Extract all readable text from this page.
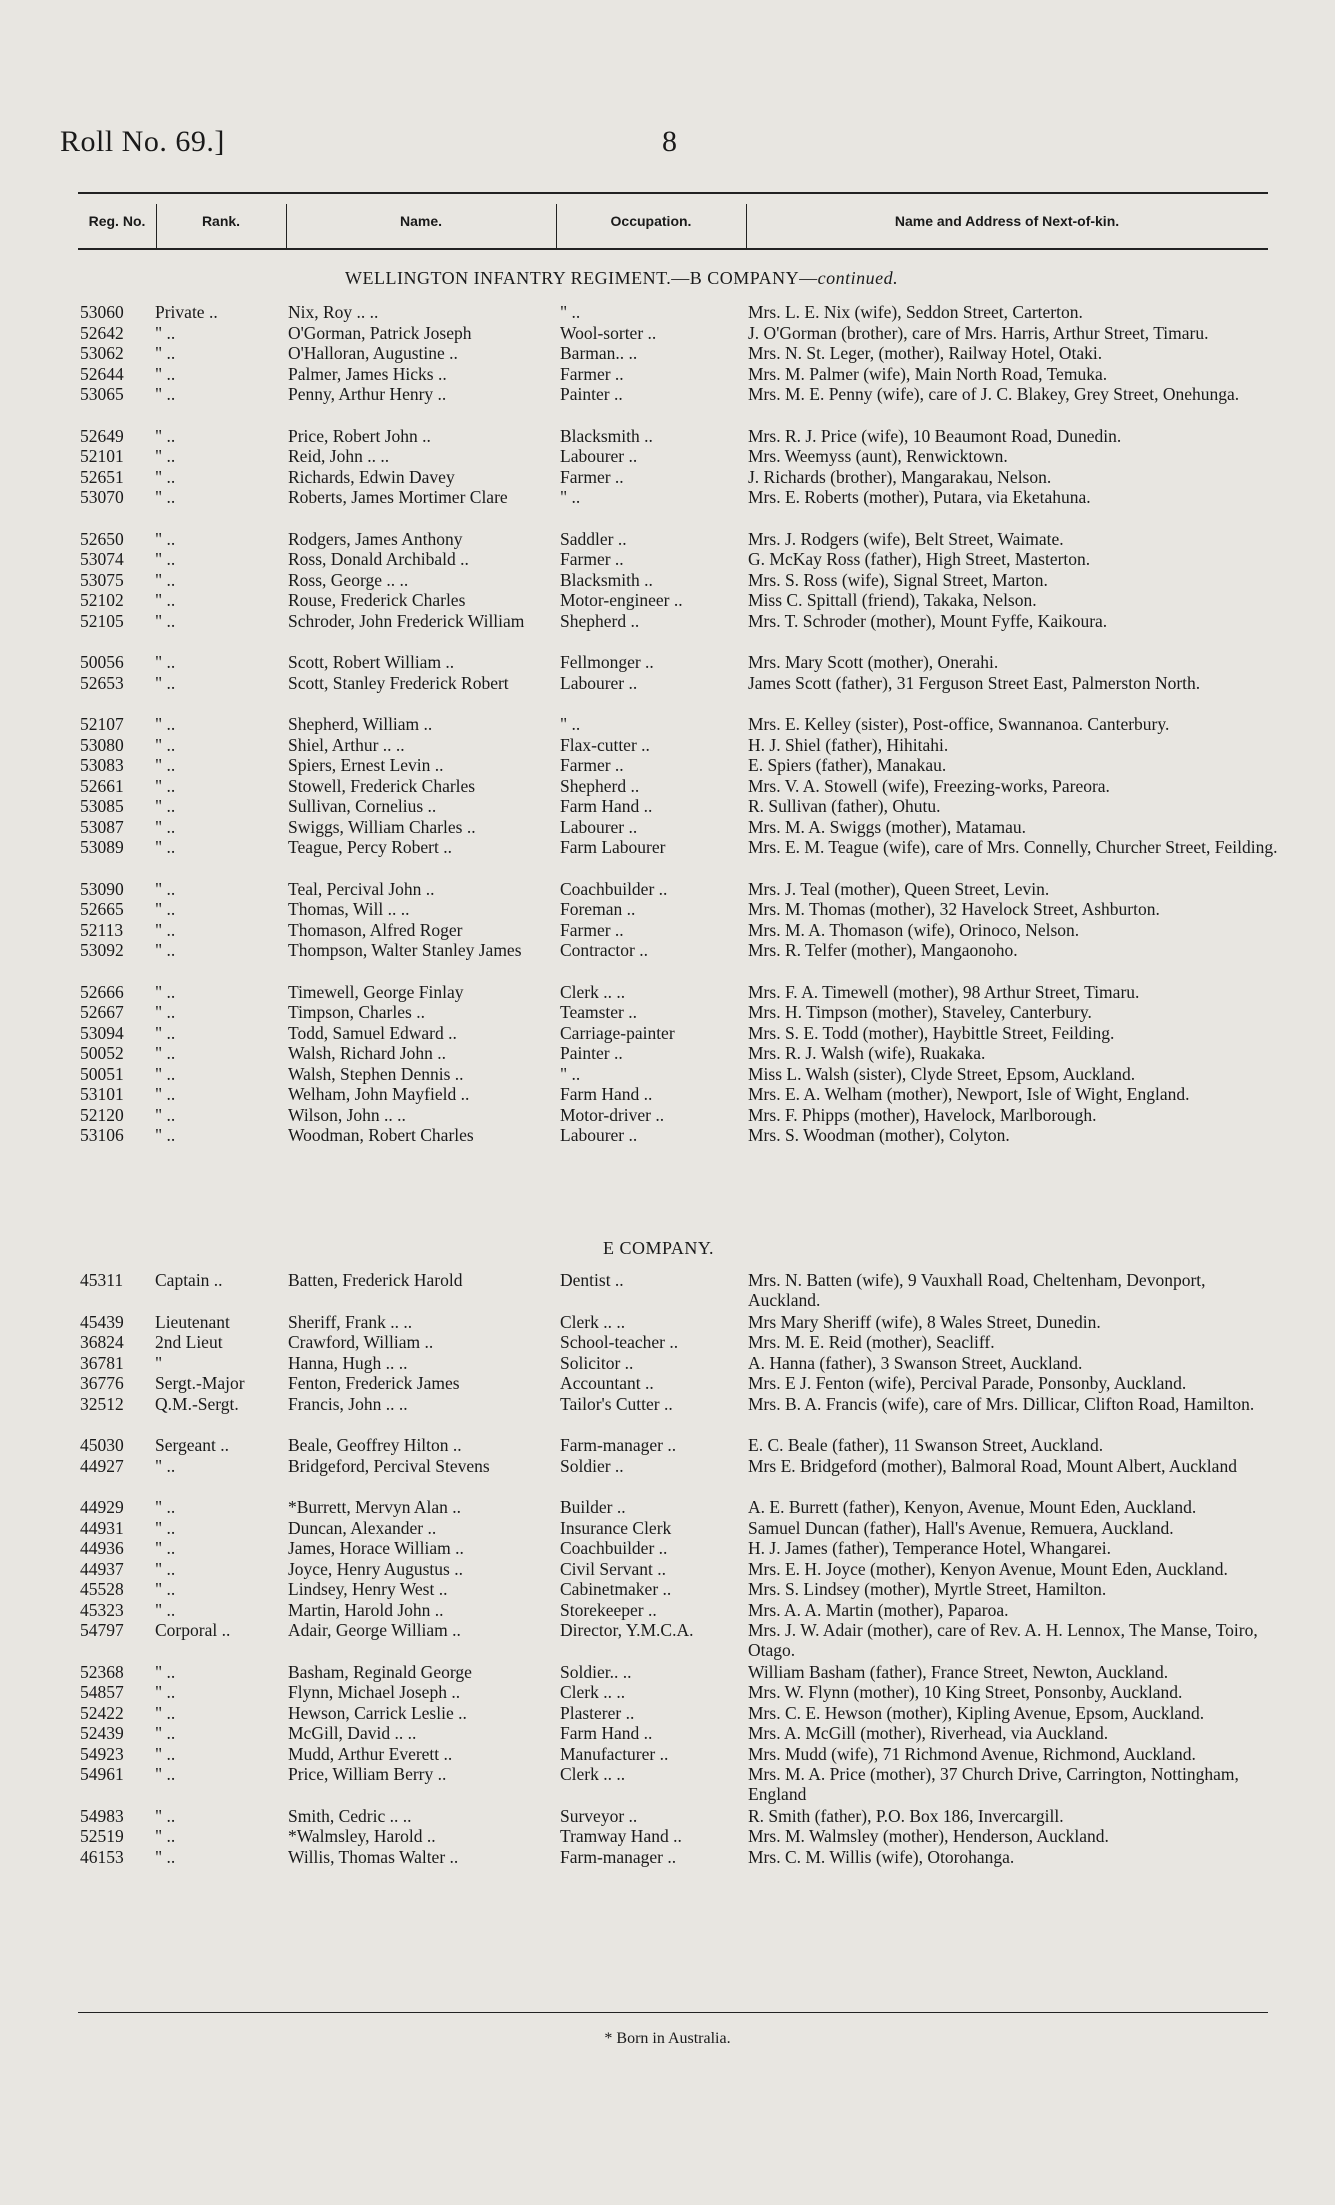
Roll No. 69.]	8
Reg. No.	Rank.	Name.	Occupation.	Name and Address of Next-of-kin.
WELLINGTON INFANTRY REGIMENT.—B COMPANY—continued.
E COMPANY.
53060	Private ..	Nix, Roy .. ..	" ..	Mrs. L. E. Nix (wife), Seddon Street, Carterton.
52642	" ..	O'Gorman, Patrick Joseph	Wool-sorter ..	J. O'Gorman (brother), care of Mrs. Harris, Arthur Street, Timaru.
53062	" ..	O'Halloran, Augustine ..	Barman.. ..	Mrs. N. St. Leger, (mother), Railway Hotel, Otaki.
52644	" ..	Palmer, James Hicks ..	Farmer ..	Mrs. M. Palmer (wife), Main North Road, Temuka.
53065	" ..	Penny, Arthur Henry ..	Painter ..	Mrs. M. E. Penny (wife), care of J. C. Blakey, Grey Street, Onehunga.
52649	" ..	Price, Robert John ..	Blacksmith ..	Mrs. R. J. Price (wife), 10 Beaumont Road, Dunedin.
52101	" ..	Reid, John .. ..	Labourer ..	Mrs. Weemyss (aunt), Renwicktown.
52651	" ..	Richards, Edwin Davey	Farmer ..	J. Richards (brother), Mangarakau, Nelson.
53070	" ..	Roberts, James Mortimer Clare	" ..	Mrs. E. Roberts (mother), Putara, via Eketahuna.
52650	" ..	Rodgers, James Anthony	Saddler ..	Mrs. J. Rodgers (wife), Belt Street, Waimate.
53074	" ..	Ross, Donald Archibald ..	Farmer ..	G. McKay Ross (father), High Street, Masterton.
53075	" ..	Ross, George .. ..	Blacksmith ..	Mrs. S. Ross (wife), Signal Street, Marton.
52102	" ..	Rouse, Frederick Charles	Motor-engineer ..	Miss C. Spittall (friend), Takaka, Nelson.
52105	" ..	Schroder, John Frederick William	Shepherd ..	Mrs. T. Schroder (mother), Mount Fyffe, Kaikoura.
50056	" ..	Scott, Robert William ..	Fellmonger ..	Mrs. Mary Scott (mother), Onerahi.
52653	" ..	Scott, Stanley Frederick Robert	Labourer ..	James Scott (father), 31 Ferguson Street East, Palmerston North.
52107	" ..	Shepherd, William ..	" ..	Mrs. E. Kelley (sister), Post-office, Swannanoa. Canterbury.
53080	" ..	Shiel, Arthur .. ..	Flax-cutter ..	H. J. Shiel (father), Hihitahi.
53083	" ..	Spiers, Ernest Levin ..	Farmer ..	E. Spiers (father), Manakau.
52661	" ..	Stowell, Frederick Charles	Shepherd ..	Mrs. V. A. Stowell (wife), Freezing-works, Pareora.
53085	" ..	Sullivan, Cornelius ..	Farm Hand ..	R. Sullivan (father), Ohutu.
53087	" ..	Swiggs, William Charles ..	Labourer ..	Mrs. M. A. Swiggs (mother), Matamau.
53089	" ..	Teague, Percy Robert ..	Farm Labourer	Mrs. E. M. Teague (wife), care of Mrs. Connelly, Churcher Street, Feilding.
53090	" ..	Teal, Percival John ..	Coachbuilder ..	Mrs. J. Teal (mother), Queen Street, Levin.
52665	" ..	Thomas, Will .. ..	Foreman ..	Mrs. M. Thomas (mother), 32 Havelock Street, Ashburton.
52113	" ..	Thomason, Alfred Roger	Farmer ..	Mrs. M. A. Thomason (wife), Orinoco, Nelson.
53092	" ..	Thompson, Walter Stanley James	Contractor ..	Mrs. R. Telfer (mother), Mangaonoho.
52666	" ..	Timewell, George Finlay	Clerk .. ..	Mrs. F. A. Timewell (mother), 98 Arthur Street, Timaru.
52667	" ..	Timpson, Charles ..	Teamster ..	Mrs. H. Timpson (mother), Staveley, Canterbury.
53094	" ..	Todd, Samuel Edward ..	Carriage-painter	Mrs. S. E. Todd (mother), Haybittle Street, Feilding.
50052	" ..	Walsh, Richard John ..	Painter ..	Mrs. R. J. Walsh (wife), Ruakaka.
50051	" ..	Walsh, Stephen Dennis ..	" ..	Miss L. Walsh (sister), Clyde Street, Epsom, Auckland.
53101	" ..	Welham, John Mayfield ..	Farm Hand ..	Mrs. E. A. Welham (mother), Newport, Isle of Wight, England.
52120	" ..	Wilson, John .. ..	Motor-driver ..	Mrs. F. Phipps (mother), Havelock, Marlborough.
53106	" ..	Woodman, Robert Charles	Labourer ..	Mrs. S. Woodman (mother), Colyton.
45311	Captain ..	Batten, Frederick Harold	Dentist ..	Mrs. N. Batten (wife), 9 Vauxhall Road, Cheltenham, Devonport, Auckland.
45439	Lieutenant	Sheriff, Frank .. ..	Clerk .. ..	Mrs Mary Sheriff (wife), 8 Wales Street, Dunedin.
36824	2nd Lieut	Crawford, William ..	School-teacher ..	Mrs. M. E. Reid (mother), Seacliff.
36781	"	Hanna, Hugh .. ..	Solicitor ..	A. Hanna (father), 3 Swanson Street, Auckland.
36776	Sergt.-Major	Fenton, Frederick James	Accountant ..	Mrs. E J. Fenton (wife), Percival Parade, Ponsonby, Auckland.
32512	Q.M.-Sergt.	Francis, John .. ..	Tailor's Cutter ..	Mrs. B. A. Francis (wife), care of Mrs. Dillicar, Clifton Road, Hamilton.
45030	Sergeant ..	Beale, Geoffrey Hilton ..	Farm-manager ..	E. C. Beale (father), 11 Swanson Street, Auckland.
44927	" ..	Bridgeford, Percival Stevens	Soldier ..	Mrs E. Bridgeford (mother), Balmoral Road, Mount Albert, Auckland
44929	" ..	*Burrett, Mervyn Alan ..	Builder ..	A. E. Burrett (father), Kenyon, Avenue, Mount Eden, Auckland.
44931	" ..	Duncan, Alexander ..	Insurance Clerk	Samuel Duncan (father), Hall's Avenue, Remuera, Auckland.
44936	" ..	James, Horace William ..	Coachbuilder ..	H. J. James (father), Temperance Hotel, Whangarei.
44937	" ..	Joyce, Henry Augustus ..	Civil Servant ..	Mrs. E. H. Joyce (mother), Kenyon Avenue, Mount Eden, Auckland.
45528	" ..	Lindsey, Henry West ..	Cabinetmaker ..	Mrs. S. Lindsey (mother), Myrtle Street, Hamilton.
45323	" ..	Martin, Harold John ..	Storekeeper ..	Mrs. A. A. Martin (mother), Paparoa.
54797	Corporal ..	Adair, George William ..	Director, Y.M.C.A.	Mrs. J. W. Adair (mother), care of Rev. A. H. Lennox, The Manse, Toiro, Otago.
52368	" ..	Basham, Reginald George	Soldier.. ..	William Basham (father), France Street, Newton, Auckland.
54857	" ..	Flynn, Michael Joseph ..	Clerk .. ..	Mrs. W. Flynn (mother), 10 King Street, Ponsonby, Auckland.
52422	" ..	Hewson, Carrick Leslie ..	Plasterer ..	Mrs. C. E. Hewson (mother), Kipling Avenue, Epsom, Auckland.
52439	" ..	McGill, David .. ..	Farm Hand ..	Mrs. A. McGill (mother), Riverhead, via Auckland.
54923	" ..	Mudd, Arthur Everett ..	Manufacturer ..	Mrs. Mudd (wife), 71 Richmond Avenue, Richmond, Auckland.
54961	" ..	Price, William Berry ..	Clerk .. ..	Mrs. M. A. Price (mother), 37 Church Drive, Carrington, Nottingham, England
54983	" ..	Smith, Cedric .. ..	Surveyor ..	R. Smith (father), P.O. Box 186, Invercargill.
52519	" ..	*Walmsley, Harold ..	Tramway Hand ..	Mrs. M. Walmsley (mother), Henderson, Auckland.
46153	" ..	Willis, Thomas Walter ..	Farm-manager ..	Mrs. C. M. Willis (wife), Otorohanga.
* Born in Australia.
